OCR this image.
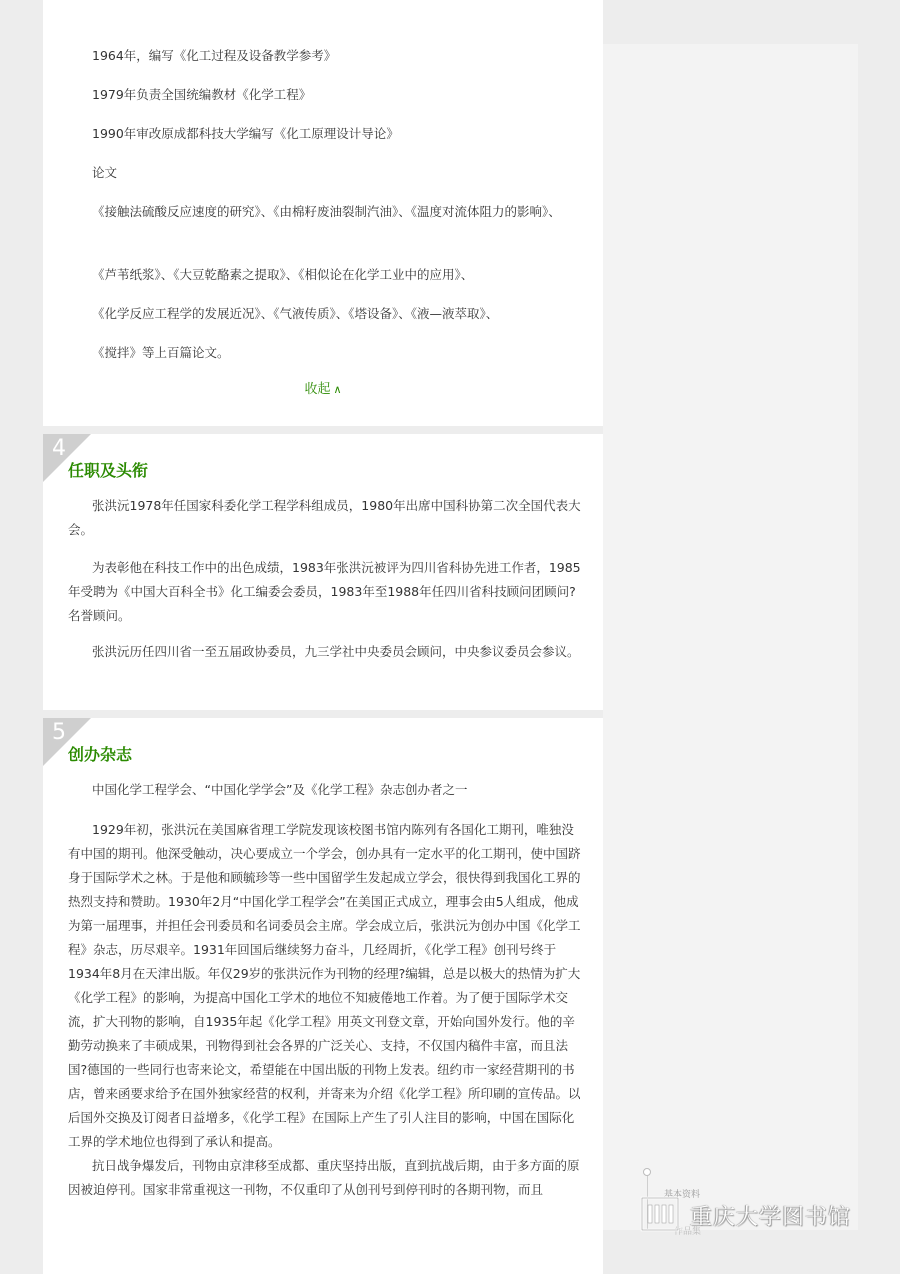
1964年，编写《化工过程及设备教学参考》

1979年负责全国统编教材《化学工程》

1990年审改原成都科技大学编写《化工原理设计导论》

论文

《接触法硫酸反应速度的研究》、《由棉籽废油裂制汽油》、《温度对流体阻力的影响》、

《芦苇纸浆》、《大豆乾酪素之提取》、《相似论在化学工业中的应用》、

《化学反应工程学的发展近况》、《气液传质》、《塔设备》、《液—液萃取》、

《搅拌》等上百篇论文。

收起 ∧
4
任职及头衔

张洪沅1978年任国家科委化学工程学科组成员，1980年出席中国科协第二次全国代表大会。

为表彰他在科技工作中的出色成绩，1983年张洪沅被评为四川省科协先进工作者，1985年受聘为《中国大百科全书》化工编委会委员，1983年至1988年任四川省科技顾问团顾问?名誉顾问。

张洪沅历任四川省一至五届政协委员，九三学社中央委员会顾问，中央参议委员会参议。

5
创办杂志

中国化学工程学会、“中国化学学会”及《化学工程》杂志创办者之一

1929年初，张洪沅在美国麻省理工学院发现该校图书馆内陈列有各国化工期刊，唯独没有中国的期刊。他深受触动，决心要成立一个学会，创办具有一定水平的化工期刊，使中国跻身于国际学术之林。于是他和顾毓珍等一些中国留学生发起成立学会，很快得到我国化工界的热烈支持和赞助。1930年2月“中国化学工程学会”在美国正式成立，理事会由5人组成，他成为第一届理事，并担任会刊委员和名词委员会主席。学会成立后，张洪沅为创办中国《化学工程》杂志，历尽艰辛。1931年回国后继续努力奋斗，几经周折，《化学工程》创刊号终于1934年8月在天津出版。年仅29岁的张洪沅作为刊物的经理?编辑，总是以极大的热情为扩大《化学工程》的影响，为提高中国化工学术的地位不知疲倦地工作着。为了便于国际学术交流，扩大刊物的影响，自1935年起《化学工程》用英文刊登文章，开始向国外发行。他的辛勤劳动换来了丰硕成果，刊物得到社会各界的广泛关心、支持，不仅国内稿件丰富，而且法国?德国的一些同行也寄来论文，希望能在中国出版的刊物上发表。纽约市一家经营期刊的书店，曾来函要求给予在国外独家经营的权利，并寄来为介绍《化学工程》所印刷的宣传品。以后国外交换及订阅者日益增多，《化学工程》在国际上产生了引人注目的影响，中国在国际化工界的学术地位也得到了承认和提高。

抗日战争爆发后，刊物由京津移至成都、重庆坚持出版，直到抗战后期，由于多方面的原因被迫停刊。国家非常重视这一刊物，不仅重印了从创刊号到停刊时的各期刊物，而且	基本资料
作品集
重庆大学图书馆
